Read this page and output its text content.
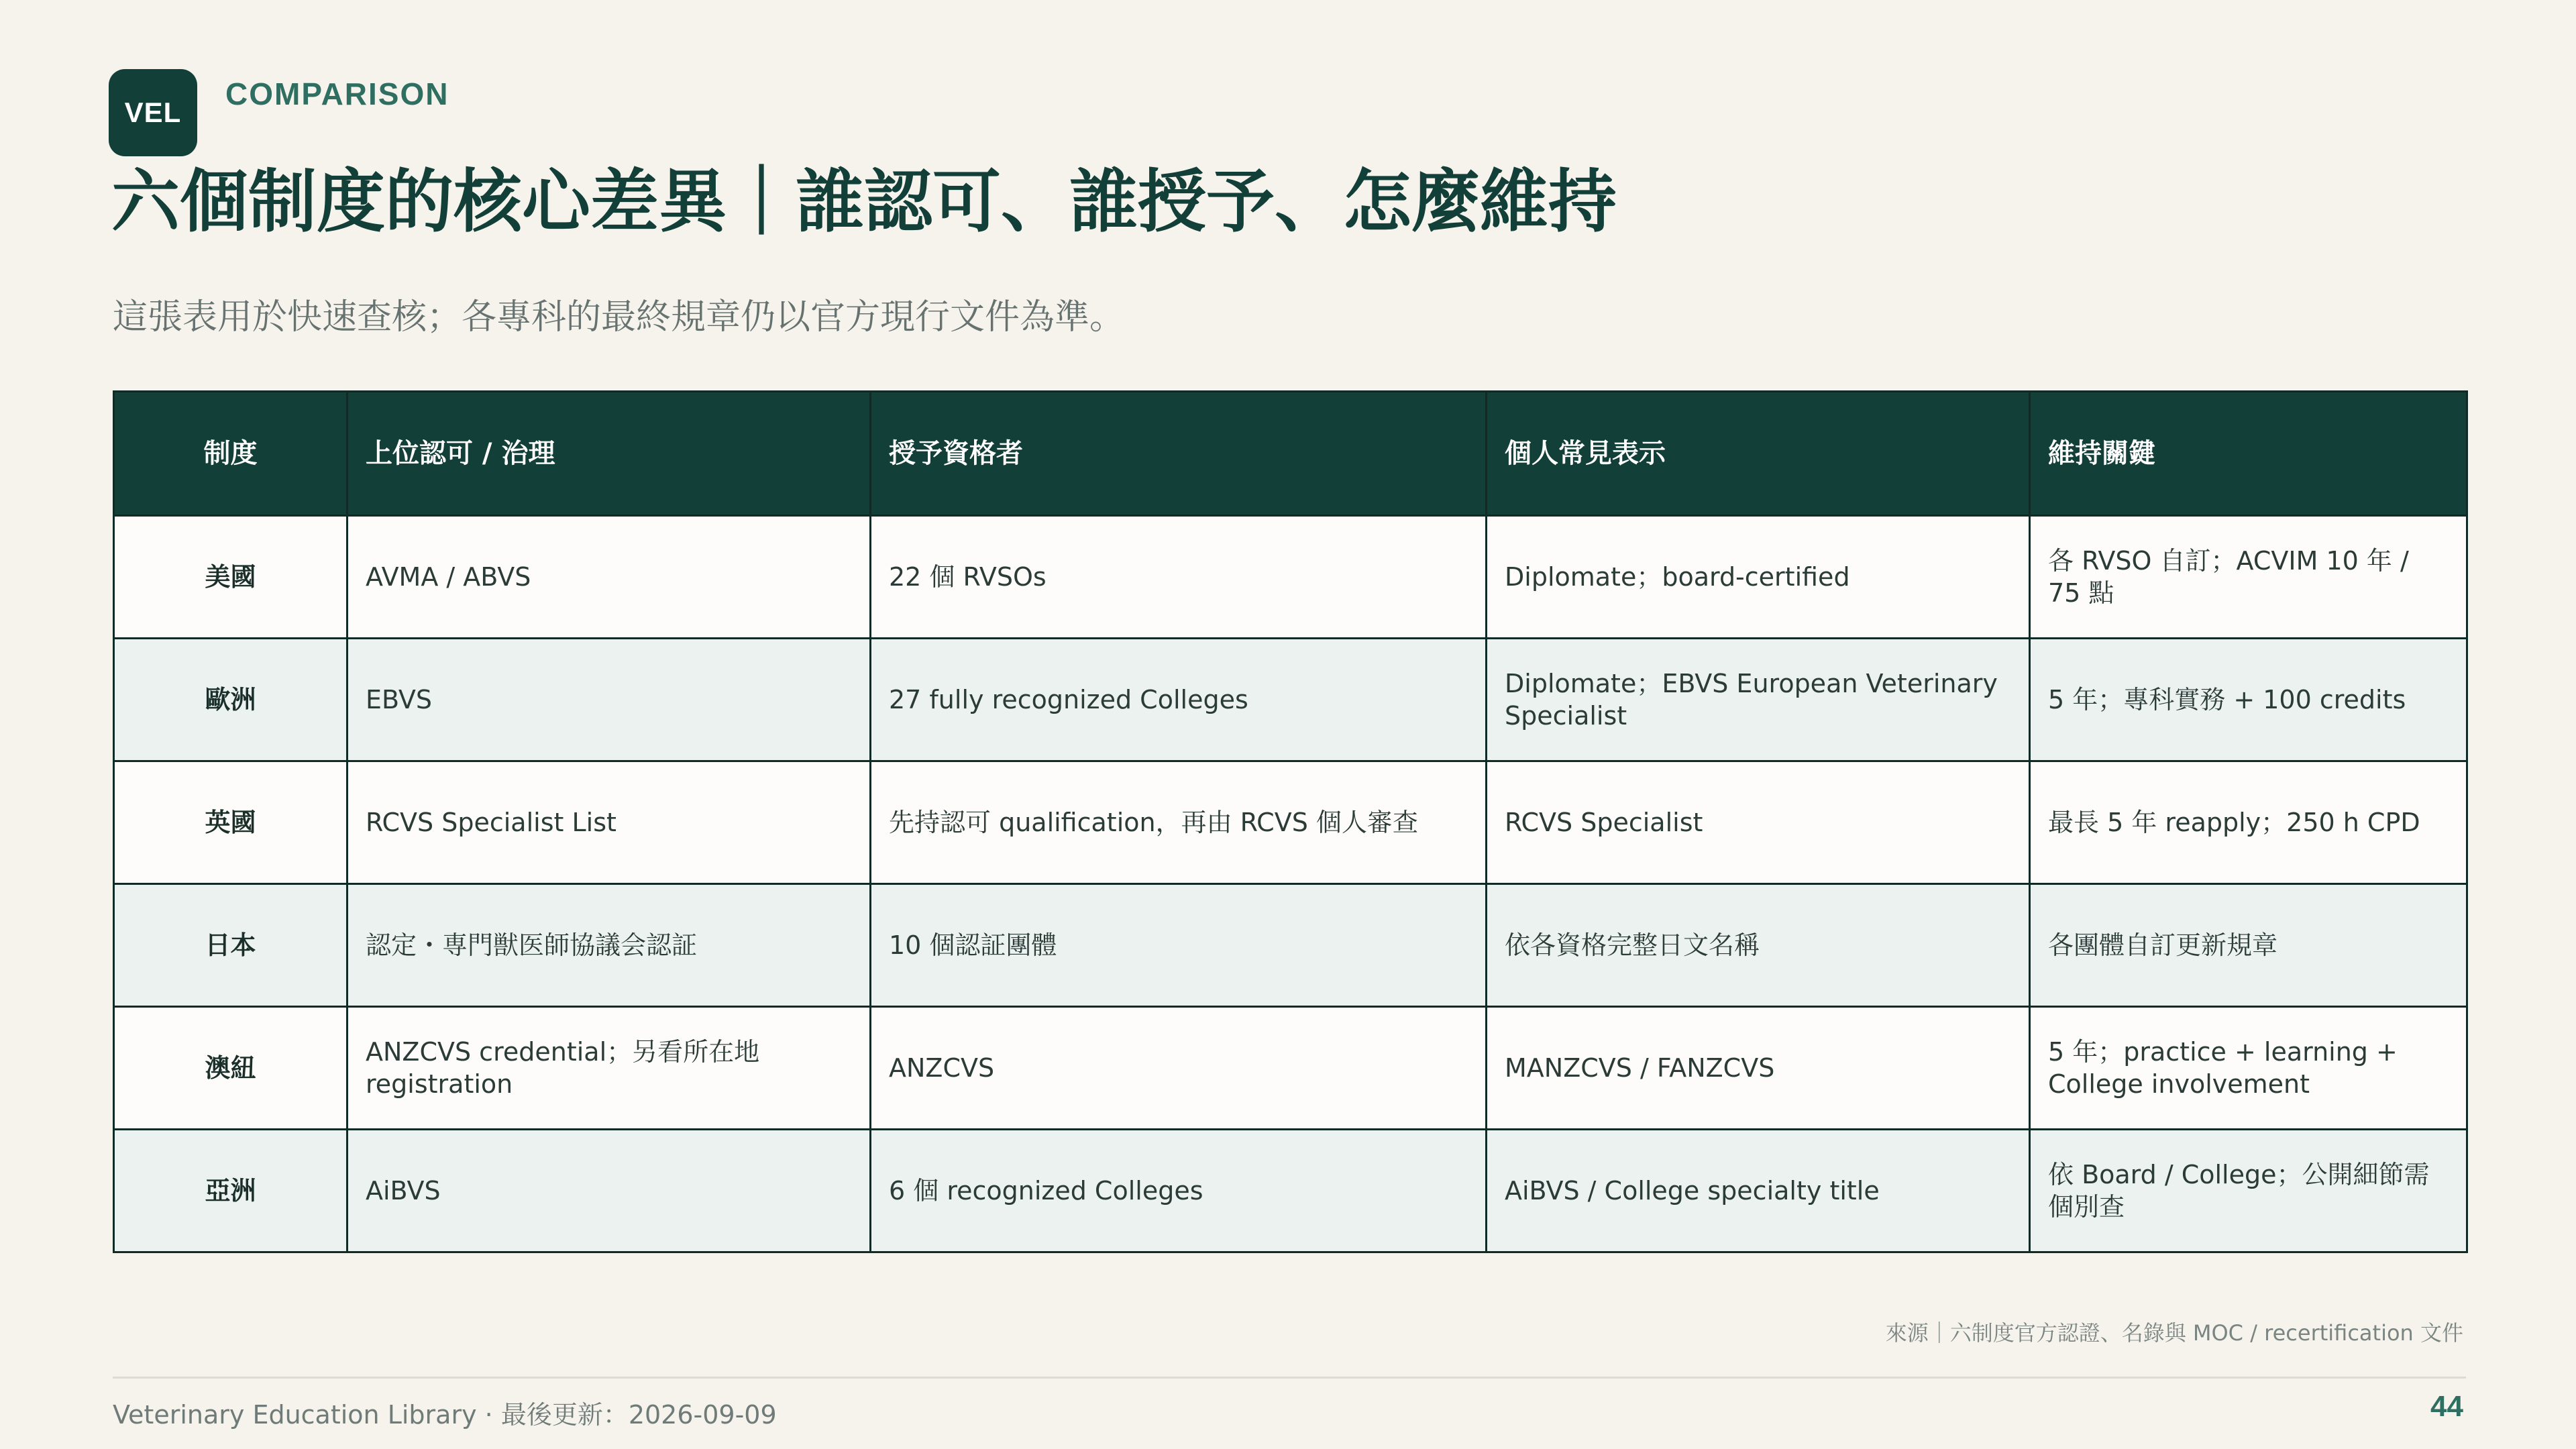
VEL
COMPARISON
六個制度的核心差異｜誰認可、誰授予、怎麼維持
這張表用於快速查核；各專科的最終規章仍以官方現行文件為準。
制度	上位認可 / 治理	授予資格者	個人常見表示	維持關鍵
美國	AVMA / ABVS	22 個 RVSOs	Diplomate；board-certified	各 RVSO 自訂；ACVIM 10 年 / 75 點
歐洲	EBVS	27 fully recognized Colleges	Diplomate；EBVS European Veterinary Specialist	5 年；專科實務 + 100 credits
英國	RCVS Specialist List	先持認可 qualification，再由 RCVS 個人審查	RCVS Specialist	最長 5 年 reapply；250 h CPD
日本	認定・専門獣医師協議会認証	10 個認証團體	依各資格完整日文名稱	各團體自訂更新規章
澳紐	ANZCVS credential；另看所在地 registration	ANZCVS	MANZCVS / FANZCVS	5 年；practice + learning + College involvement
亞洲	AiBVS	6 個 recognized Colleges	AiBVS / College specialty title	依 Board / College；公開細節需個別查
來源｜六制度官方認證、名錄與 MOC / recertification 文件
Veterinary Education Library · 最後更新：2026-09-09	44
